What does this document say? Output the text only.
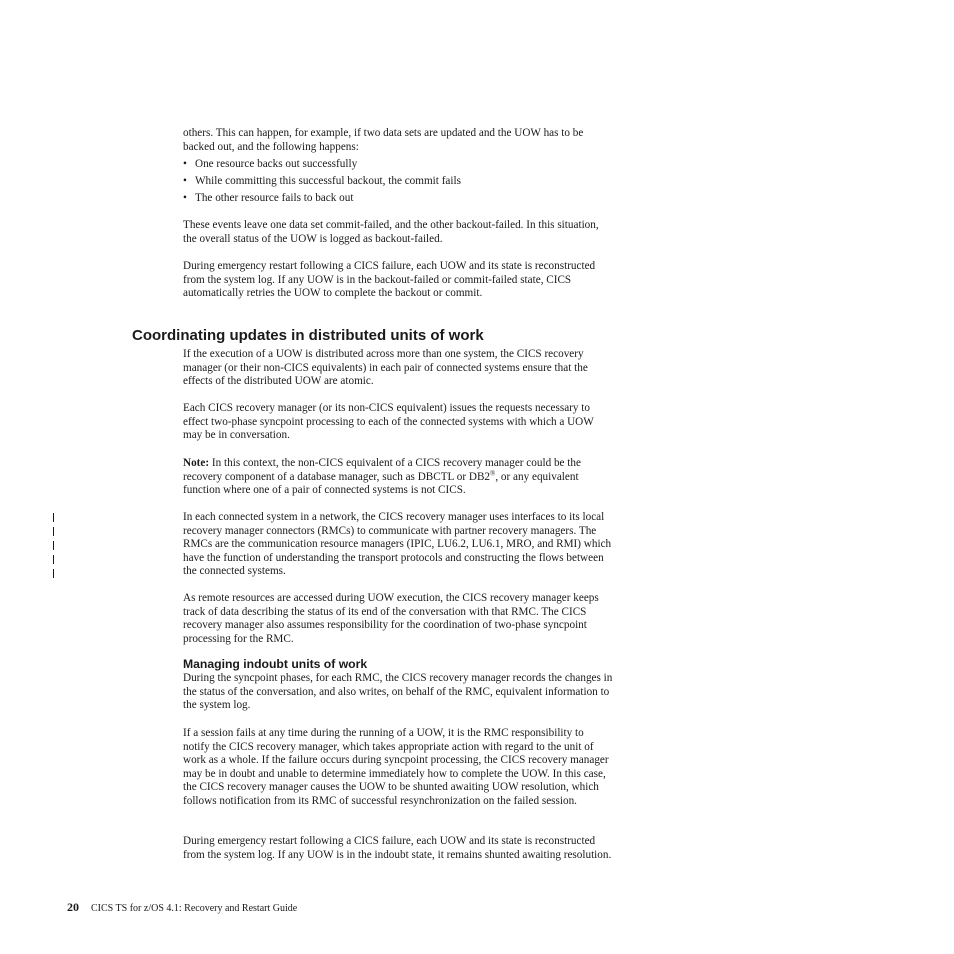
others. This can happen, for example, if two data sets are updated and the UOW has to be backed out, and the following happens:

• One resource backs out successfully
• While committing this successful backout, the commit fails
• The other resource fails to back out

These events leave one data set commit-failed, and the other backout-failed. In this situation, the overall status of the UOW is logged as backout-failed.

During emergency restart following a CICS failure, each UOW and its state is reconstructed from the system log. If any UOW is in the backout-failed or commit-failed state, CICS automatically retries the UOW to complete the backout or commit.

Coordinating updates in distributed units of work

If the execution of a UOW is distributed across more than one system, the CICS recovery manager (or their non-CICS equivalents) in each pair of connected systems ensure that the effects of the distributed UOW are atomic.

Each CICS recovery manager (or its non-CICS equivalent) issues the requests necessary to effect two-phase syncpoint processing to each of the connected systems with which a UOW may be in conversation.

Note: In this context, the non-CICS equivalent of a CICS recovery manager could be the recovery component of a database manager, such as DBCTL or DB2®, or any equivalent function where one of a pair of connected systems is not CICS.

In each connected system in a network, the CICS recovery manager uses interfaces to its local recovery manager connectors (RMCs) to communicate with partner recovery managers. The RMCs are the communication resource managers (IPIC, LU6.2, LU6.1, MRO, and RMI) which have the function of understanding the transport protocols and constructing the flows between the connected systems.

As remote resources are accessed during UOW execution, the CICS recovery manager keeps track of data describing the status of its end of the conversation with that RMC. The CICS recovery manager also assumes responsibility for the coordination of two-phase syncpoint processing for the RMC.

Managing indoubt units of work

During the syncpoint phases, for each RMC, the CICS recovery manager records the changes in the status of the conversation, and also writes, on behalf of the RMC, equivalent information to the system log.

If a session fails at any time during the running of a UOW, it is the RMC responsibility to notify the CICS recovery manager, which takes appropriate action with regard to the unit of work as a whole. If the failure occurs during syncpoint processing, the CICS recovery manager may be in doubt and unable to determine immediately how to complete the UOW. In this case, the CICS recovery manager causes the UOW to be shunted awaiting UOW resolution, which follows notification from its RMC of successful resynchronization on the failed session.

During emergency restart following a CICS failure, each UOW and its state is reconstructed from the system log. If any UOW is in the indoubt state, it remains shunted awaiting resolution.

20 CICS TS for z/OS 4.1: Recovery and Restart Guide
